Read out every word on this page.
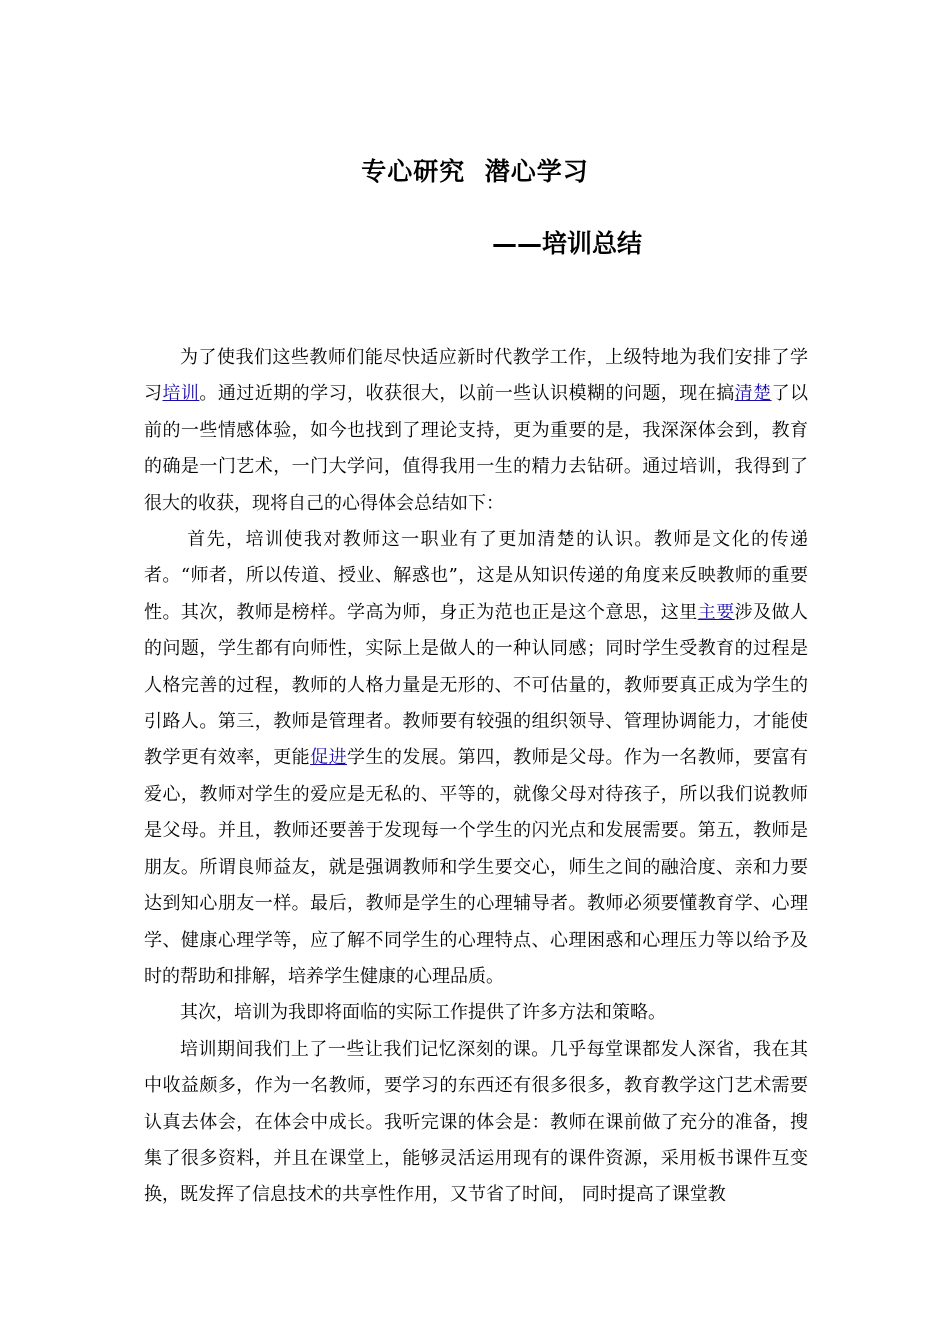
专心研究  潜心学习
——培训总结

为了使我们这些教师们能尽快适应新时代教学工作，上级特地为我们安排了学习培训。通过近期的学习，收获很大，以前一些认识模糊的问题，现在搞清楚了以前的一些情感体验，如今也找到了理论支持，更为重要的是，我深深体会到，教育的确是一门艺术，一门大学问，值得我用一生的精力去钻研。通过培训，我得到了很大的收获，现将自己的心得体会总结如下：

首先，培训使我对教师这一职业有了更加清楚的认识。教师是文化的传递者。“师者，所以传道、授业、解惑也”，这是从知识传递的角度来反映教师的重要性。其次，教师是榜样。学高为师，身正为范也正是这个意思，这里主要涉及做人的问题，学生都有向师性，实际上是做人的一种认同感；同时学生受教育的过程是人格完善的过程，教师的人格力量是无形的、不可估量的，教师要真正成为学生的引路人。第三，教师是管理者。教师要有较强的组织领导、管理协调能力，才能使教学更有效率，更能促进学生的发展。第四，教师是父母。作为一名教师，要富有爱心，教师对学生的爱应是无私的、平等的，就像父母对待孩子，所以我们说教师是父母。并且，教师还要善于发现每一个学生的闪光点和发展需要。第五，教师是朋友。所谓良师益友，就是强调教师和学生要交心，师生之间的融洽度、亲和力要达到知心朋友一样。最后，教师是学生的心理辅导者。教师必须要懂教育学、心理学、健康心理学等，应了解不同学生的心理特点、心理困惑和心理压力等以给予及时的帮助和排解，培养学生健康的心理品质。

其次，培训为我即将面临的实际工作提供了许多方法和策略。

培训期间我们上了一些让我们记忆深刻的课。几乎每堂课都发人深省，我在其中收益颇多，作为一名教师，要学习的东西还有很多很多，教育教学这门艺术需要认真去体会，在体会中成长。我听完课的体会是：教师在课前做了充分的准备，搜集了很多资料，并且在课堂上，能够灵活运用现有的课件资源，采用板书课件互变换，既发挥了信息技术的共享性作用，又节省了时间， 同时提高了课堂教
